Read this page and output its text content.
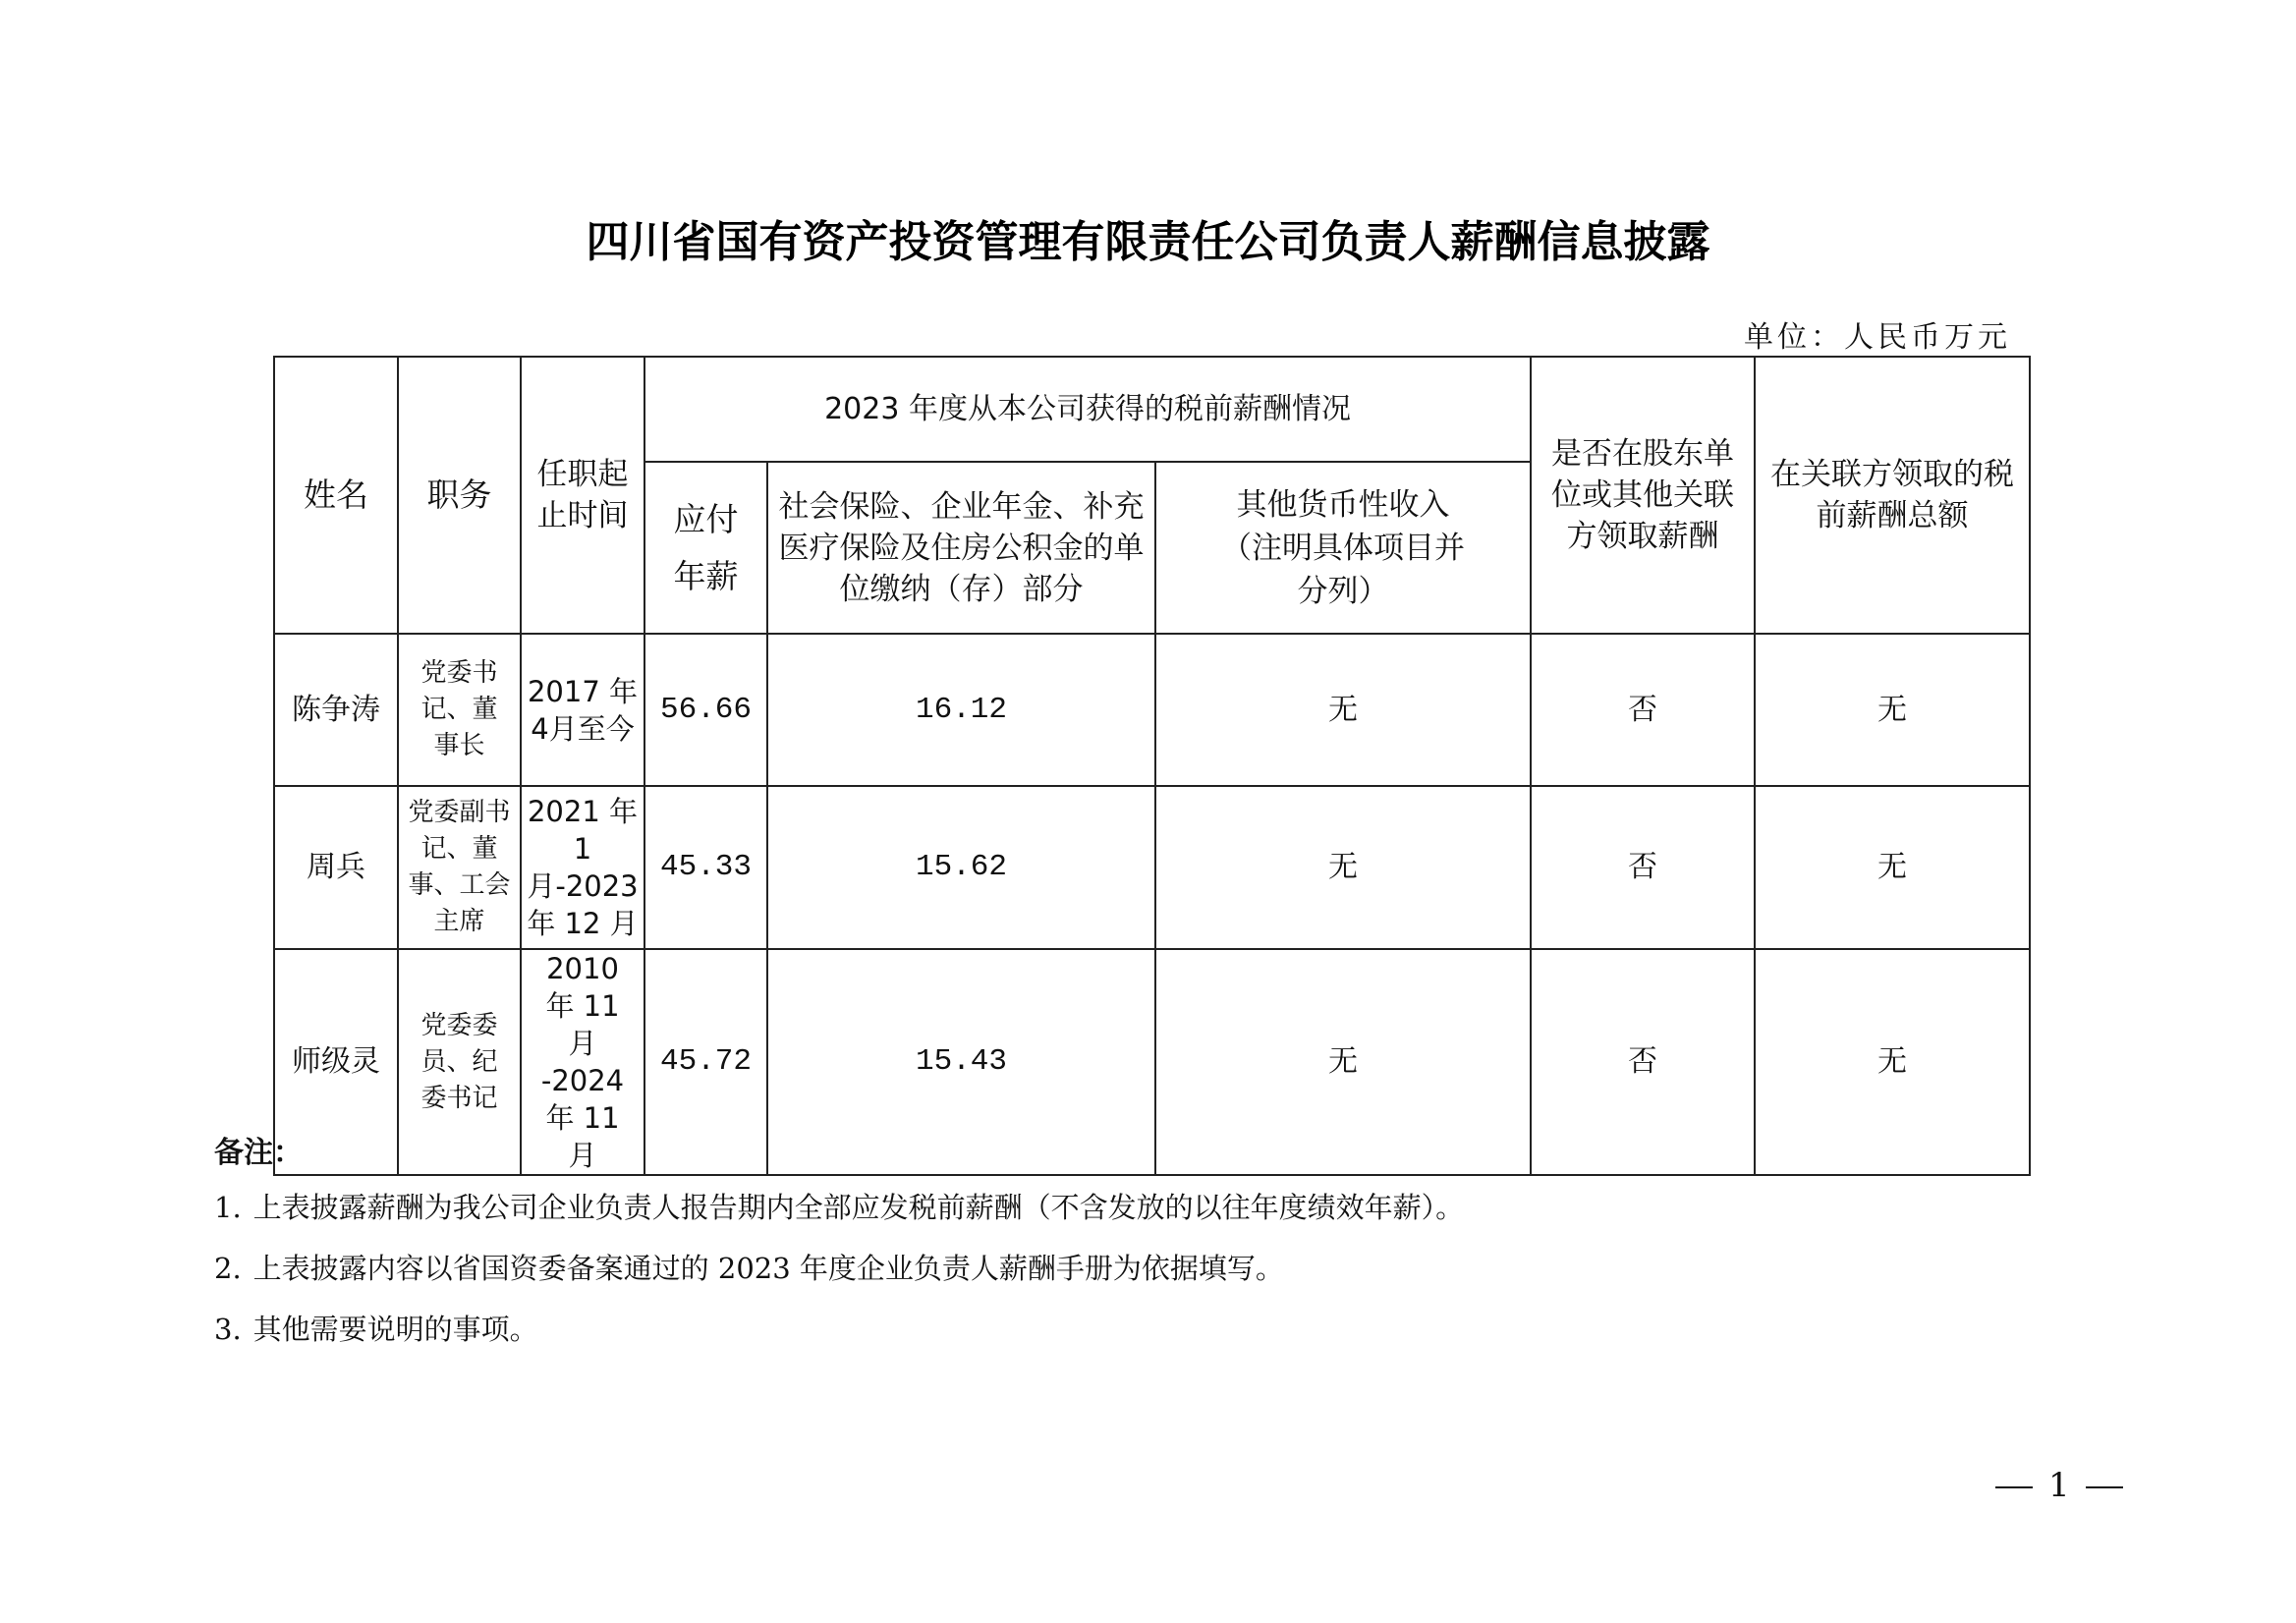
四川省国有资产投资管理有限责任公司负责人薪酬信息披露
单位：人民币万元
姓名	职务	任职起止时间	2023 年度从本公司获得的税前薪酬情况			是否在股东单位或其他关联方领取薪酬	在关联方领取的税前薪酬总额
			应付年薪	社会保险、企业年金、补充医疗保险及住房公积金的单位缴纳（存）部分	其他货币性收入（注明具体项目并分列）		
陈争涛	党委书记、董事长	2017 年4月至今	56.66	16.12	无	否	无
周兵	党委副书记、董事、工会主席	2021 年 1 月-2023 年 12 月	45.33	15.62	无	否	无
师级灵	党委委员、纪委书记	2010 年 11 月 -2024 年 11 月	45.72	15.43	无	否	无
备注：
1. 上表披露薪酬为我公司企业负责人报告期内全部应发税前薪酬（不含发放的以往年度绩效年薪）。
2. 上表披露内容以省国资委备案通过的 2023 年度企业负责人薪酬手册为依据填写。
3. 其他需要说明的事项。
1
